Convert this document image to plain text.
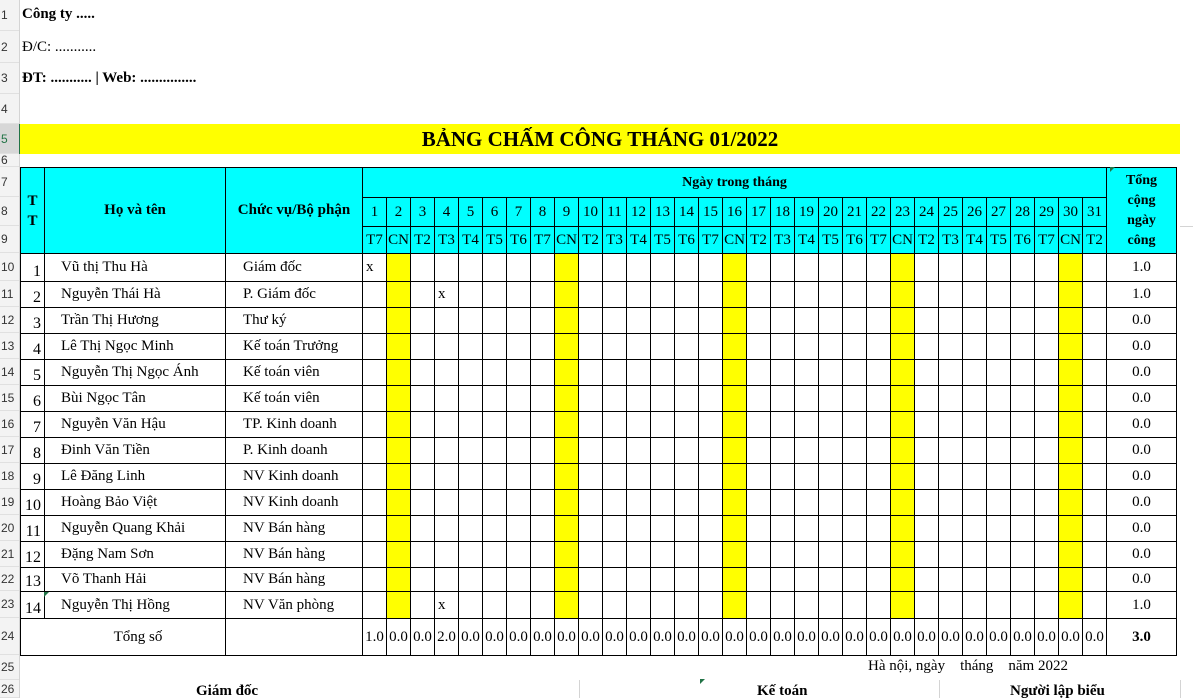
1
2
3
4
5
6
7
8
9
10
11
12
13
14
15
16
17
18
19
20
21
22
23
24
25
26
Công ty .....
Đ/C: ...........
ĐT: ........... | Web: ...............
BẢNG CHẤM CÔNG THÁNG 01/2022
T
T	Họ và tên	Chức vụ/Bộ phận	Ngày trong tháng																															Tổng
cộng
ngày
công
			1	2	3	4	5	6	7	8	9	10	11	12	13	14	15	16	17	18	19	20	21	22	23	24	25	26	27	28	29	30	31	
			T7	CN	T2	T3	T4	T5	T6	T7	CN	T2	T3	T4	T5	T6	T7	CN	T2	T3	T4	T5	T6	T7	CN	T2	T3	T4	T5	T6	T7	CN	T2	
1	Vũ thị Thu Hà	Giám đốc	x																															1.0
2	Nguyễn Thái Hà	P. Giám đốc				x																												1.0
3	Trần Thị Hương	Thư ký																																0.0
4	Lê Thị Ngọc Minh	Kế toán Trưởng																																0.0
5	Nguyễn Thị Ngọc Ánh	Kế toán viên																																0.0
6	Bùi Ngọc Tân	Kế toán viên																																0.0
7	Nguyễn Văn Hậu	TP. Kinh doanh																																0.0
8	Đinh Văn Tiền	P. Kinh doanh																																0.0
9	Lê Đăng Linh	NV Kinh doanh																																0.0
10	Hoàng Bảo Việt	NV Kinh doanh																																0.0
11	Nguyễn Quang Khải	NV Bán hàng																																0.0
12	Đặng Nam Sơn	NV Bán hàng																																0.0
13	Võ Thanh Hải	NV Bán hàng																																0.0
14	Nguyễn Thị Hồng	NV Văn phòng				x																												1.0
Tổng số			1.0	0.0	0.0	2.0	0.0	0.0	0.0	0.0	0.0	0.0	0.0	0.0	0.0	0.0	0.0	0.0	0.0	0.0	0.0	0.0	0.0	0.0	0.0	0.0	0.0	0.0	0.0	0.0	0.0	0.0	0.0	3.0
Hà nội, ngày    tháng    năm 2022
Giám đốc	Kế toán	Người lập biểu
